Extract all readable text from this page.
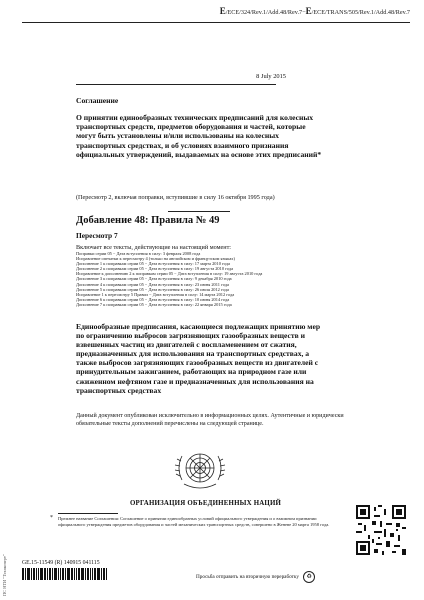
E/ECE/324/Rev.1/Add.48/Rev.7−E/ECE/TRANS/505/Rev.1/Add.48/Rev.7
8 July 2015
Соглашение
О принятии единообразных технических предписаний для колесных транспортных средств, предметов оборудования и частей, которые могут быть установлены и/или использованы на колесных транспортных средствах, и об условиях взаимного признания официальных утверждений, выдаваемых на основе этих предписаний*
(Пересмотр 2, включая поправки, вступившие в силу 16 октября 1995 года)
Добавление 48: Правила № 49
Пересмотр 7
Включает все тексты, действующие на настоящий момент:
Поправки серии 05 − Дата вступления в силу: 3 февраля 2008 года
Исправление опечатки к пересмотру 4 (только на английском и французском языках)
Дополнение 1 к поправкам серии 05 − Дата вступления в силу: 17 марта 2010 года
Дополнение 2 к поправкам серии 05 − Дата вступления в силу: 19 августа 2010 года
Исправление к дополнению 2 к поправкам серии 05 − Дата вступления в силу: 19 августа 2010 года
Дополнение 3 к поправкам серии 05 − Дата вступления в силу: 9 декабря 2010 года
Дополнение 4 к поправкам серии 05 − Дата вступления в силу: 23 июня 2011 года
Дополнение 5 к поправкам серии 05 − Дата вступления в силу: 26 июля 2012 года
Исправление 1 к пересмотру 5 Правил − Дата вступления в силу: 14 марта 2012 года
Дополнение 6 к поправкам серии 05 − Дата вступления в силу: 10 июня 2014 года
Дополнение 7 к поправкам серии 05 − Дата вступления в силу: 22 января 2015 года
Единообразные предписания, касающиеся подлежащих принятию мер по ограничению выбросов загрязняющих газообразных веществ и взвешенных частиц из двигателей с воспламенением от сжатия, предназначенных для использования на транспортных средствах, а также выбросов загрязняющих газообразных веществ из двигателей с принудительным зажиганием, работающих на природном газе или сжиженном нефтяном газе и предназначенных для использования на транспортных средствах
Данный документ опубликован исключительно в информационных целях. Аутентичные и юридически обязательные тексты дополнений перечислены на следующей странице.
ОРГАНИЗАЦИЯ ОБЪЕДИНЕННЫХ НАЦИЙ
* Прежнее название Соглашения: Соглашение о принятии единообразных условий официального утверждения и о взаимном признании официального утверждения предметов оборудования и частей механических транспортных средств, совершено в Женеве 20 марта 1958 года.
GE.15-11549 (R) 140915 041115
Просьба отправить на вторичную переработку ♻
ПС НТИ "Техэксперт"
